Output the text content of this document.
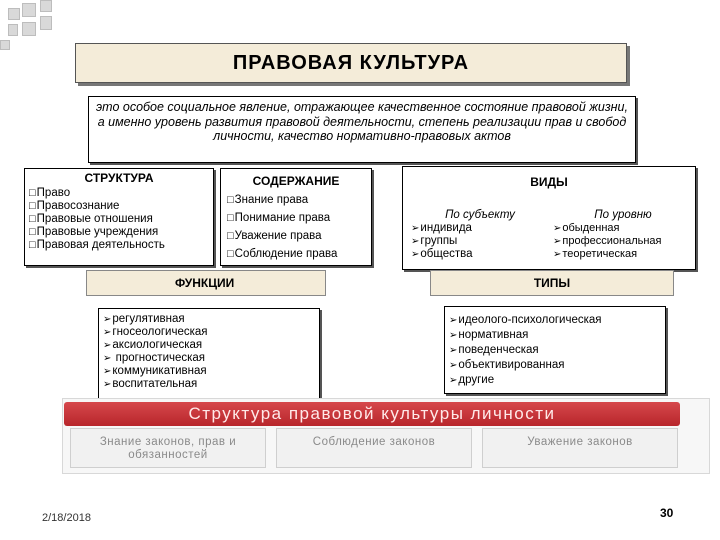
ПРАВОВАЯ КУЛЬТУРА
это особое социальное явление, отражающее качественное состояние правовой жизни, а именно уровень развития правовой деятельности, степень реализации прав и свобод личности, качество нормативно-правовых актов
СТРУКТУРА
□ Право
□ Правосознание
□ Правовые отношения
□ Правовые учреждения
□ Правовая деятельность
СОДЕРЖАНИЕ
□ Знание права
□ Понимание права
□ Уважение права
□ Соблюдение права
ВИДЫ
По субъекту
➢ индивида
➢ группы
➢ общества
По уровню
➢ обыденная
➢ профессиональная
➢ теоретическая
ФУНКЦИИ
➢ регулятивная
➢ гносеологическая
➢ аксиологическая
➢ прогностическая
➢ коммуникативная
➢ воспитательная
ТИПЫ
➢ идеолого-психологическая
➢ нормативная
➢ поведенческая
➢ объективированная
➢ другие
Структура правовой культуры личности
Знание законов, прав и обязанностей
Соблюдение законов	Уважение законов
2/18/2018	30
